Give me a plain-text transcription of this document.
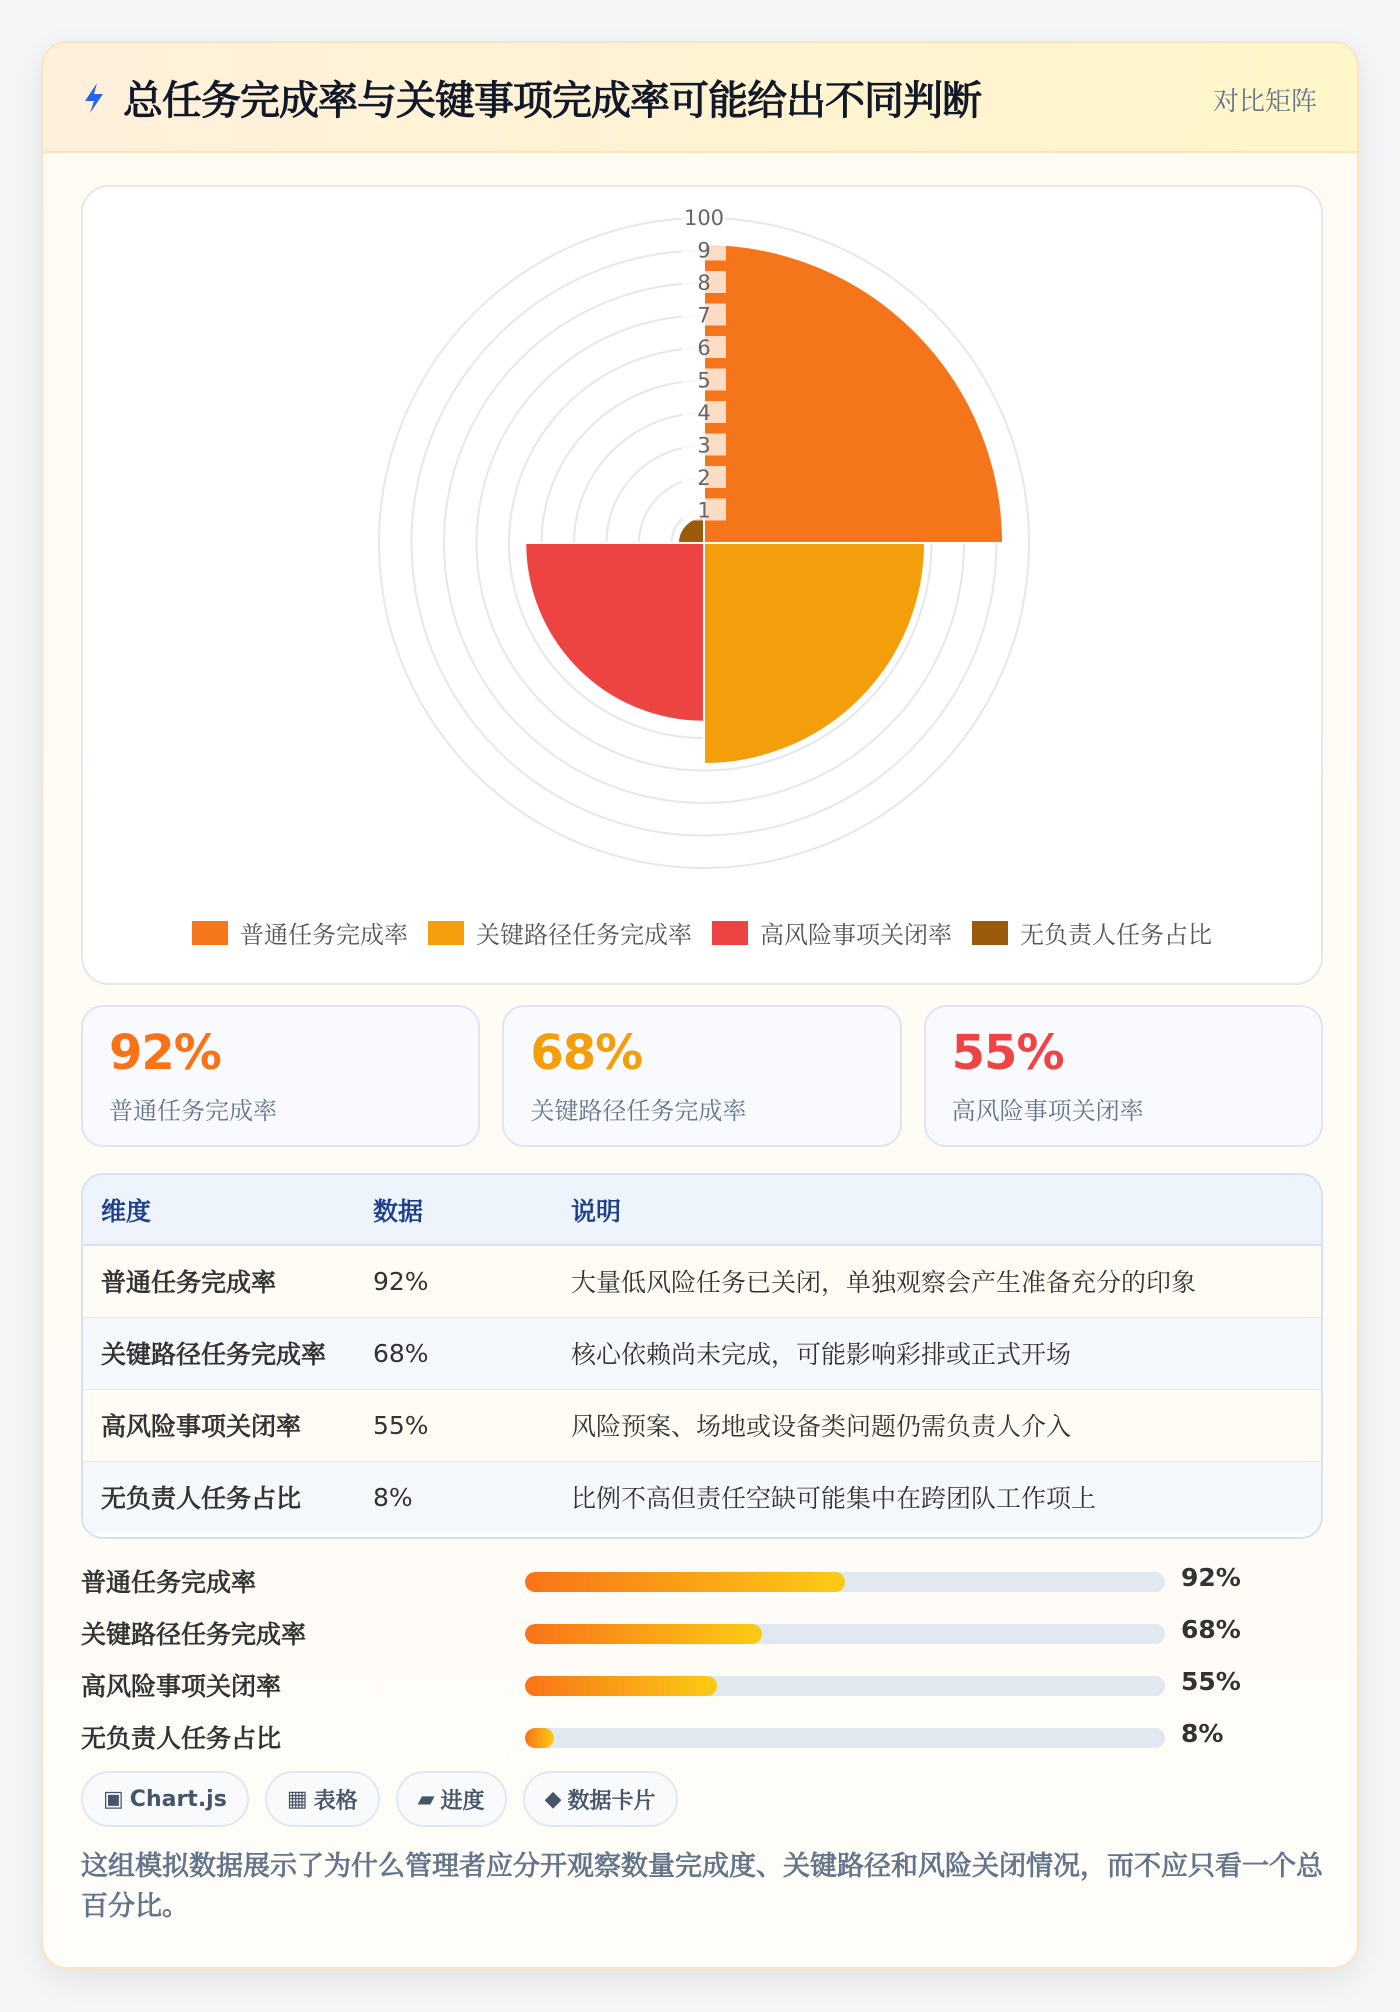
总任务完成率与关键事项完成率可能给出不同判断	对比矩阵
1
2
3
4
5
6
7
8
9
100
普通任务完成率	关键路径任务完成率	高风险事项关闭率	无负责人任务占比
92%
普通任务完成率
68%
关键路径任务完成率
55%
高风险事项关闭率
维度	数据	说明
普通任务完成率	92%	大量低风险任务已关闭，单独观察会产生准备充分的印象
关键路径任务完成率	68%	核心依赖尚未完成，可能影响彩排或正式开场
高风险事项关闭率	55%	风险预案、场地或设备类问题仍需负责人介入
无负责人任务占比	8%	比例不高但责任空缺可能集中在跨团队工作项上
普通任务完成率	92%
关键路径任务完成率	68%
高风险事项关闭率	55%
无负责人任务占比	8%
▣ Chart.js	▦ 表格	▰ 进度	◆ 数据卡片
这组模拟数据展示了为什么管理者应分开观察数量完成度、关键路径和风险关闭情况，而不应只看一个总百分比。
